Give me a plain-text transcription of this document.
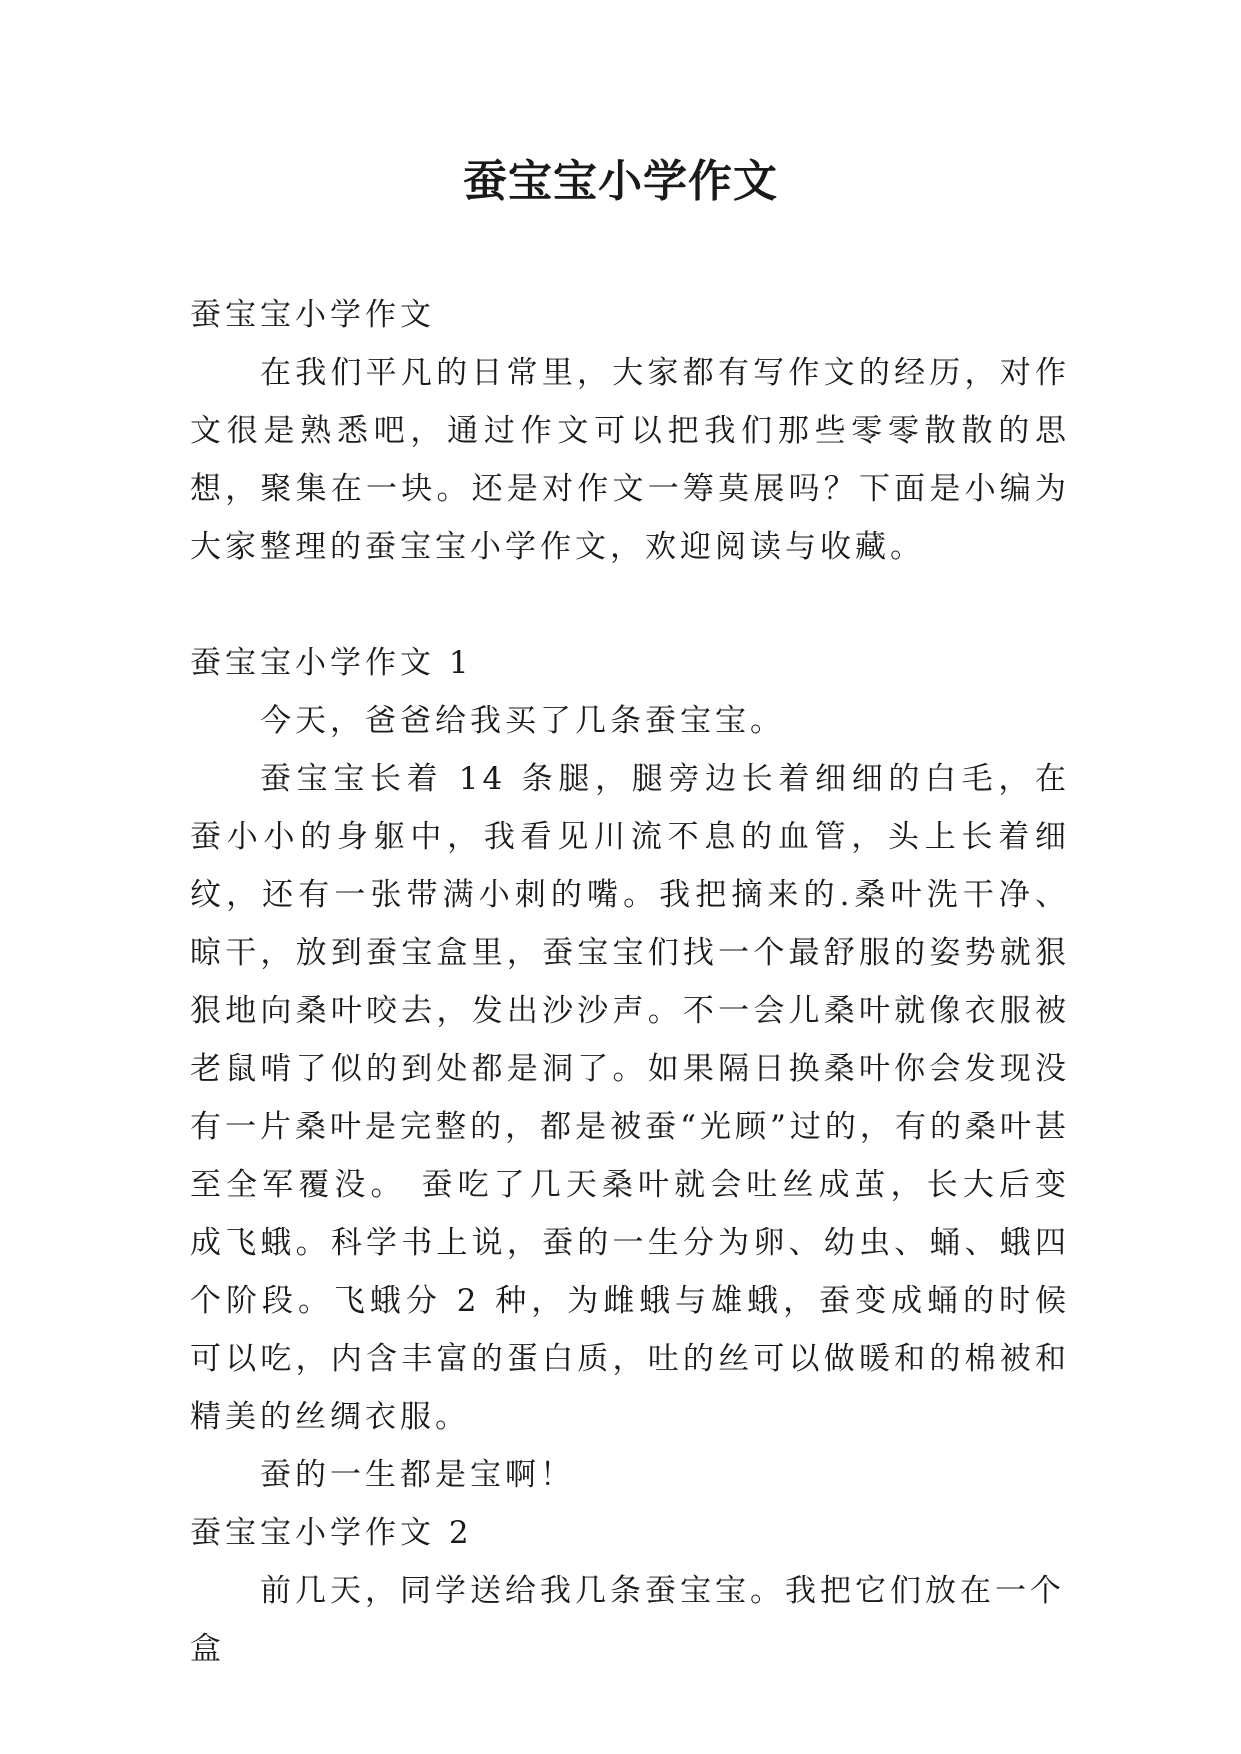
蚕宝宝小学作文

蚕宝宝小学作文

在我们平凡的日常里，大家都有写作文的经历，对作文很是熟悉吧，通过作文可以把我们那些零零散散的思想，聚集在一块。还是对作文一筹莫展吗？下面是小编为大家整理的蚕宝宝小学作文，欢迎阅读与收藏。

蚕宝宝小学作文 1

今天，爸爸给我买了几条蚕宝宝。

蚕宝宝长着 14 条腿，腿旁边长着细细的白毛，在蚕小小的身躯中，我看见川流不息的血管，头上长着细纹，还有一张带满小刺的嘴。我把摘来的.桑叶洗干净、晾干，放到蚕宝盒里，蚕宝宝们找一个最舒服的姿势就狠狠地向桑叶咬去，发出沙沙声。不一会儿桑叶就像衣服被老鼠啃了似的到处都是洞了。如果隔日换桑叶你会发现没有一片桑叶是完整的，都是被蚕“光顾”过的，有的桑叶甚至全军覆没。 蚕吃了几天桑叶就会吐丝成茧，长大后变成飞蛾。科学书上说，蚕的一生分为卵、幼虫、蛹、蛾四个阶段。飞蛾分 2 种，为雌蛾与雄蛾，蚕变成蛹的时候可以吃，内含丰富的蛋白质，吐的丝可以做暖和的棉被和精美的丝绸衣服。

蚕的一生都是宝啊！

蚕宝宝小学作文 2

前几天，同学送给我几条蚕宝宝。我把它们放在一个盒
